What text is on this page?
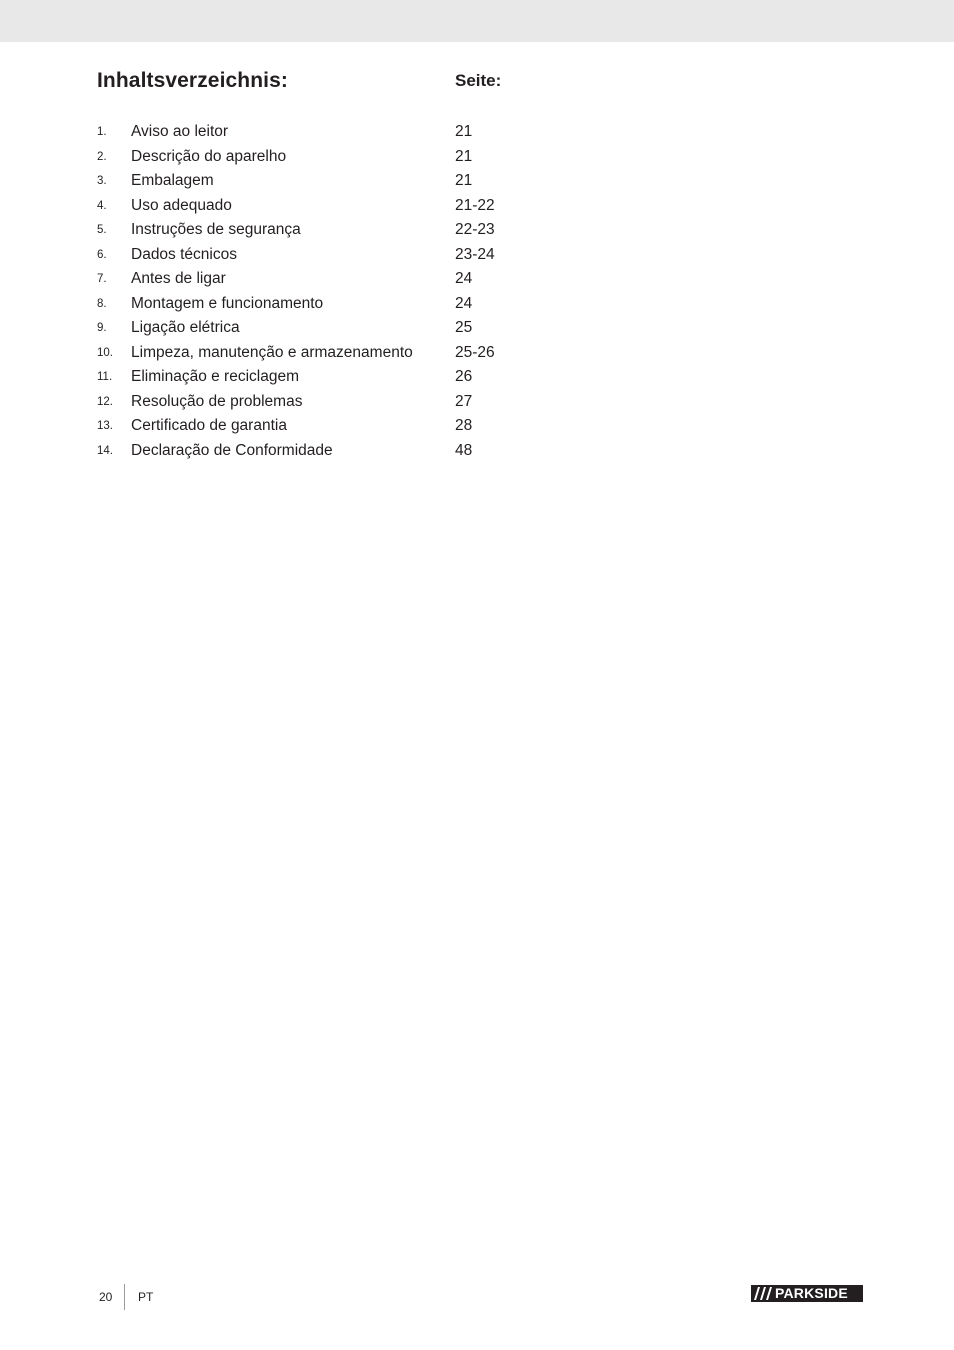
Inhaltsverzeichnis:	Seite:
1. Aviso ao leitor	21
2. Descrição do aparelho	21
3. Embalagem	21
4. Uso adequado	21-22
5. Instruções de segurança	22-23
6. Dados técnicos	23-24
7. Antes de ligar	24
8. Montagem e funcionamento	24
9. Ligação elétrica	25
10. Limpeza, manutenção e armazenamento	25-26
11. Eliminação e reciclagem	26
12. Resolução de problemas	27
13. Certificado de garantia	28
14. Declaração de Conformidade	48
20 PT	PARKSIDE
